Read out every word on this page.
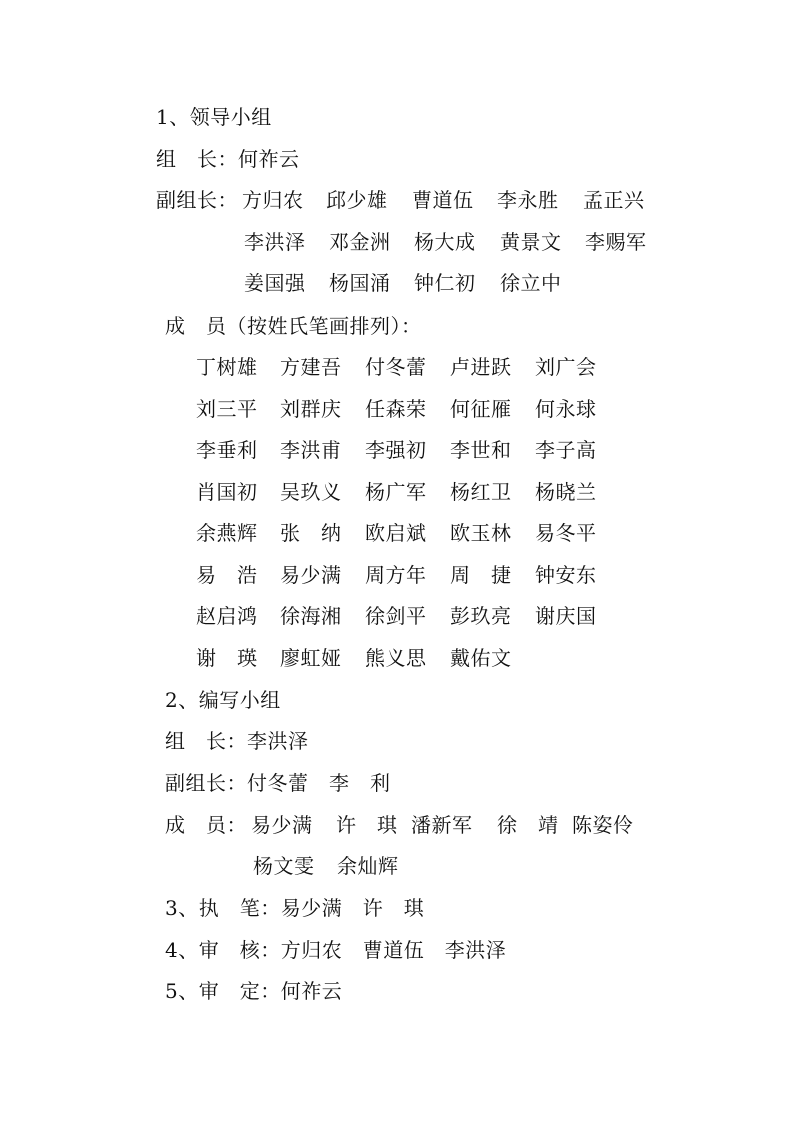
1、领导小组
组　长：何祚云
副组长： 方归农 邱少雄 曹道伍 李永胜 孟正兴
李洪泽 邓金洲 杨大成 黄景文 李赐军
姜国强 杨国涌 钟仁初 徐立中
成　员（按姓氏笔画排列）：
丁树雄 方建吾 付冬蕾 卢进跃 刘广会
刘三平 刘群庆 任森荣 何征雁 何永球
李垂利 李洪甫 李强初 李世和 李子高
肖国初 吴玖义 杨广军 杨红卫 杨晓兰
余燕辉 张　纳 欧启斌 欧玉林 易冬平
易　浩 易少满 周方年 周　捷 钟安东
赵启鸿 徐海湘 徐剑平 彭玖亮 谢庆国
谢　瑛 廖虹娅 熊义思 戴佑文
2、编写小组
组　长：李洪泽
副组长：付冬蕾　李　利
成　员： 易少满 许　琪 潘新军 徐　靖 陈姿伶
杨文雯 余灿辉
3、执　笔：易少满　许　琪
4、审　核：方归农　曹道伍　李洪泽
5、审　定：何祚云
